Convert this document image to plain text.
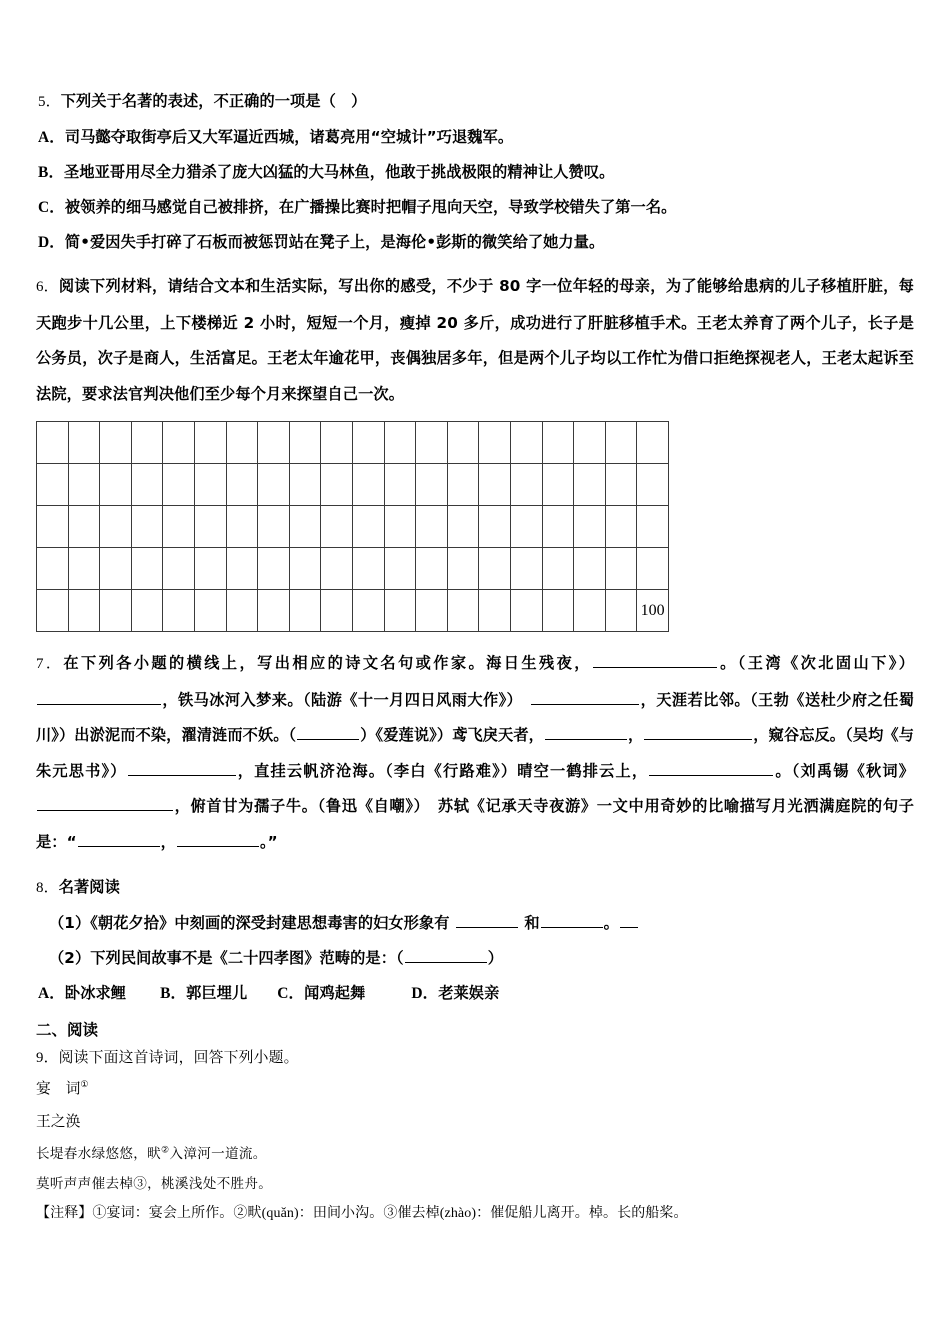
5．下列关于名著的表述，不正确的一项是（　）
A．司马懿夺取街亭后又大军逼近西城，诸葛亮用“空城计”巧退魏军。
B．圣地亚哥用尽全力猎杀了庞大凶猛的大马林鱼，他敢于挑战极限的精神让人赞叹。
C．被领养的细马感觉自己被排挤，在广播操比赛时把帽子甩向天空，导致学校错失了第一名。
D．简•爱因失手打碎了石板而被惩罚站在凳子上，是海伦•彭斯的微笑给了她力量。

6．阅读下列材料，请结合文本和生活实际，写出你的感受，不少于 80 字一位年轻的母亲，为了能够给患病的儿子移植肝脏，每天跑步十几公里，上下楼梯近 2 小时，短短一个月，瘦掉 20 多斤，成功进行了肝脏移植手术。王老太养育了两个儿子，长子是公务员，次子是商人，生活富足。王老太年逾花甲，丧偶独居多年，但是两个儿子均以工作忙为借口拒绝探视老人，王老太起诉至法院，要求法官判决他们至少每个月来探望自己一次。

																			100
7．在下列各小题的横线上，写出相应的诗文名句或作家。海日生残夜，	。（王湾《次北固山下》），铁马冰河入梦来。（陆游《十一月四日风雨大作》）　	，天涯若比邻。（王勃《送杜少府之任蜀川》）出淤泥而不染，濯清涟而不妖。（	）《爱莲说》）鸢飞戾天者，	，	，窥谷忘反。（吴均《与朱元思书》）	，直挂云帆济沧海。（李白《行路难》）晴空一鹤排云上，	。（刘禹锡《秋词》，俯首甘为孺子牛。（鲁迅《自嘲》）　苏轼《记承天寺夜游》一文中用奇妙的比喻描写月光洒满庭院的句子是：“	，	。”
8．名著阅读
（1）《朝花夕拾》中刻画的深受封建思想毒害的妇女形象有	和	。
（2）下列民间故事不是《二十四孝图》范畴的是：（	）
A．卧冰求鲤 B．郭巨埋儿 C．闻鸡起舞	D．老莱娱亲
二、阅读
9．阅读下面这首诗词，回答下列小题。
宴　词①
王之涣
长堤春水绿悠悠，畎②入漳河一道流。
莫听声声催去棹③，桃溪浅处不胜舟。
【注释】①宴词：宴会上所作。②畎(quǎn)：田间小沟。③催去棹(zhào)：催促船儿离开。棹。长的船桨。
